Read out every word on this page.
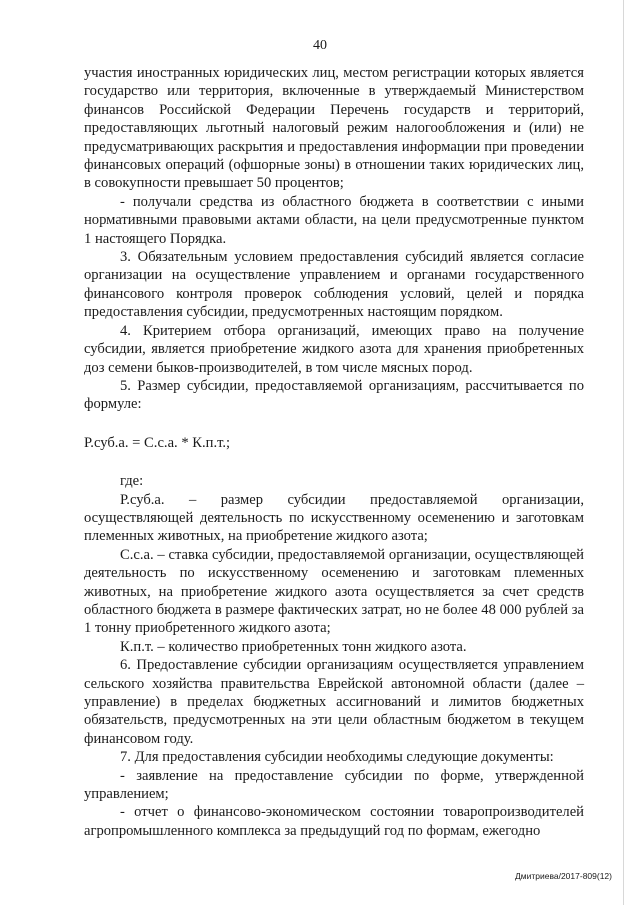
40

участия иностранных юридических лиц, местом регистрации которых является государство или территория, включенные в утверждаемый Министерством финансов Российской Федерации Перечень государств и территорий, предоставляющих льготный налоговый режим налогообложения и (или) не предусматривающих раскрытия и предоставления информации при проведении финансовых операций (офшорные зоны) в отношении таких юридических лиц, в совокупности превышает 50 процентов;

- получали средства из областного бюджета в соответствии с иными нормативными правовыми актами области, на цели предусмотренные пунктом 1 настоящего Порядка.

3. Обязательным условием предоставления субсидий является согласие организации на осуществление управлением и органами государственного финансового контроля проверок соблюдения условий, целей и порядка предоставления субсидии, предусмотренных настоящим порядком.

4. Критерием отбора организаций, имеющих право на получение субсидии, является приобретение жидкого азота для хранения приобретенных доз семени быков-производителей, в том числе мясных пород.

5. Размер субсидии, предоставляемой организациям, рассчитывается по формуле:

Р.суб.а. = С.с.а. * К.п.т.;

где:

Р.суб.а. – размер субсидии предоставляемой организации, осуществляющей деятельность по искусственному осеменению и заготовкам племенных животных, на приобретение жидкого азота;

С.с.а. – ставка субсидии, предоставляемой организации, осуществляющей деятельность по искусственному осеменению и заготовкам племенных животных, на приобретение жидкого азота осуществляется за счет средств областного бюджета в размере фактических затрат, но не более 48 000 рублей за 1 тонну приобретенного жидкого азота;

К.п.т. – количество приобретенных тонн жидкого азота.

6. Предоставление субсидии организациям осуществляется управлением сельского хозяйства правительства Еврейской автономной области (далее – управление) в пределах бюджетных ассигнований и лимитов бюджетных обязательств, предусмотренных на эти цели областным бюджетом в текущем финансовом году.

7. Для предоставления субсидии необходимы следующие документы:

- заявление на предоставление субсидии по форме, утвержденной управлением;

- отчет о финансово-экономическом состоянии товаропроизводителей агропромышленного комплекса за предыдущий год по формам, ежегодно

Дмитриева/2017-809(12)
